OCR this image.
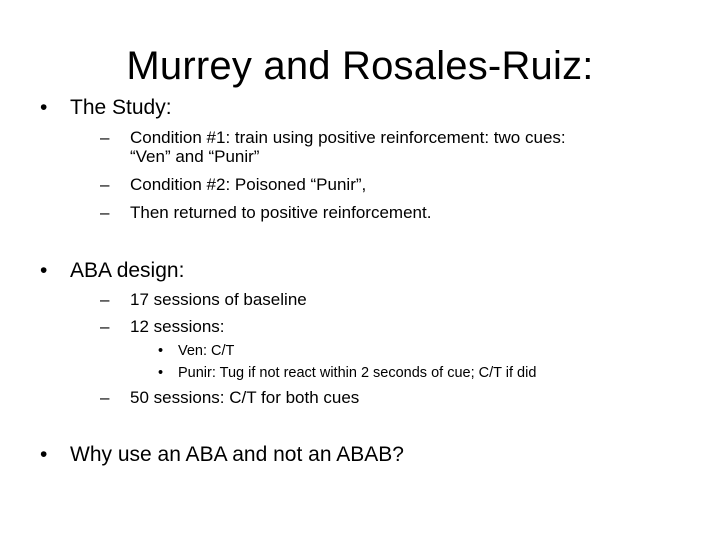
Murrey and Rosales-Ruiz:
• The Study:
– Condition #1: train using positive reinforcement: two cues:
“Ven” and “Punir”
– Condition #2: Poisoned “Punir”,
– Then returned to positive reinforcement.
• ABA design:
– 17 sessions of baseline
– 12 sessions:
• Ven: C/T
• Punir: Tug if not react within 2 seconds of cue; C/T if did
– 50 sessions: C/T for both cues
• Why use an ABA and not an ABAB?
